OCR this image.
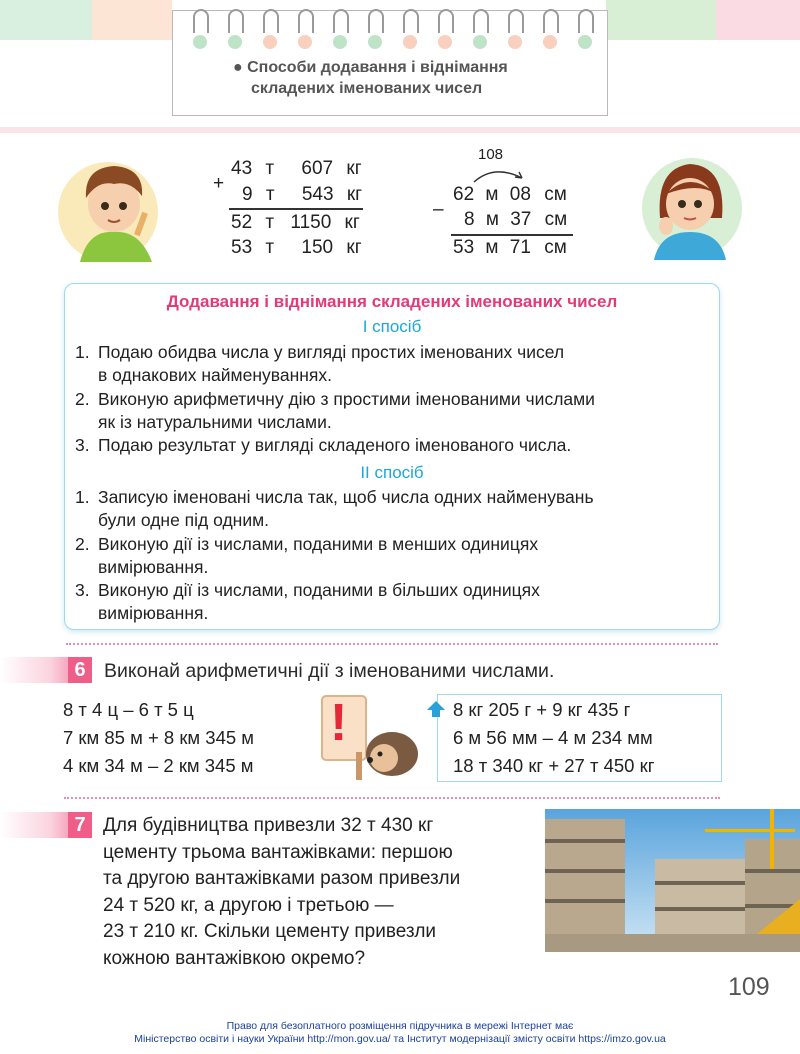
● Способи додавання і віднімання
складених іменованих чисел
+
43 т 607 кг
9 т 543 кг
52 т 1150 кг
53 т 150 кг
108
–
62 м 08 см
8 м 37 см
53 м 71 см
Додавання і віднімання складених іменованих чисел
І спосіб
1. Подаю обидва числа у вигляді простих іменованих чисел
в однакових найменуваннях.
2. Виконую арифметичну дію з простими іменованими числами
як із натуральними числами.
3. Подаю результат у вигляді складеного іменованого числа.
ІІ спосіб
1. Записую іменовані числа так, щоб числа одних найменувань
були одне під одним.
2. Виконую дії із числами, поданими в менших одиницях
вимірювання.
3. Виконую дії із числами, поданими в більших одиницях
вимірювання.
6 Виконай арифметичні дії з іменованими числами.
8 т 4 ц – 6 т 5 ц
7 км 85 м + 8 км 345 м
4 км 34 м – 2 км 345 м
!	8 кг 205 г + 9 кг 435 г
6 м 56 мм – 4 м 234 мм
18 т 340 кг + 27 т 450 кг
7 Для будівництва привезли 32 т 430 кг
цементу трьома вантажівками: першою
та другою вантажівками разом привезли
24 т 520 кг, а другою і третьою —
23 т 210 кг. Скільки цементу привезли
кожною вантажівкою окремо?
109
Право для безоплатного розміщення підручника в мережі Інтернет має
Міністерство освіти і науки України http://mon.gov.ua/ та Інститут модернізації змісту освіти https://imzo.gov.ua
